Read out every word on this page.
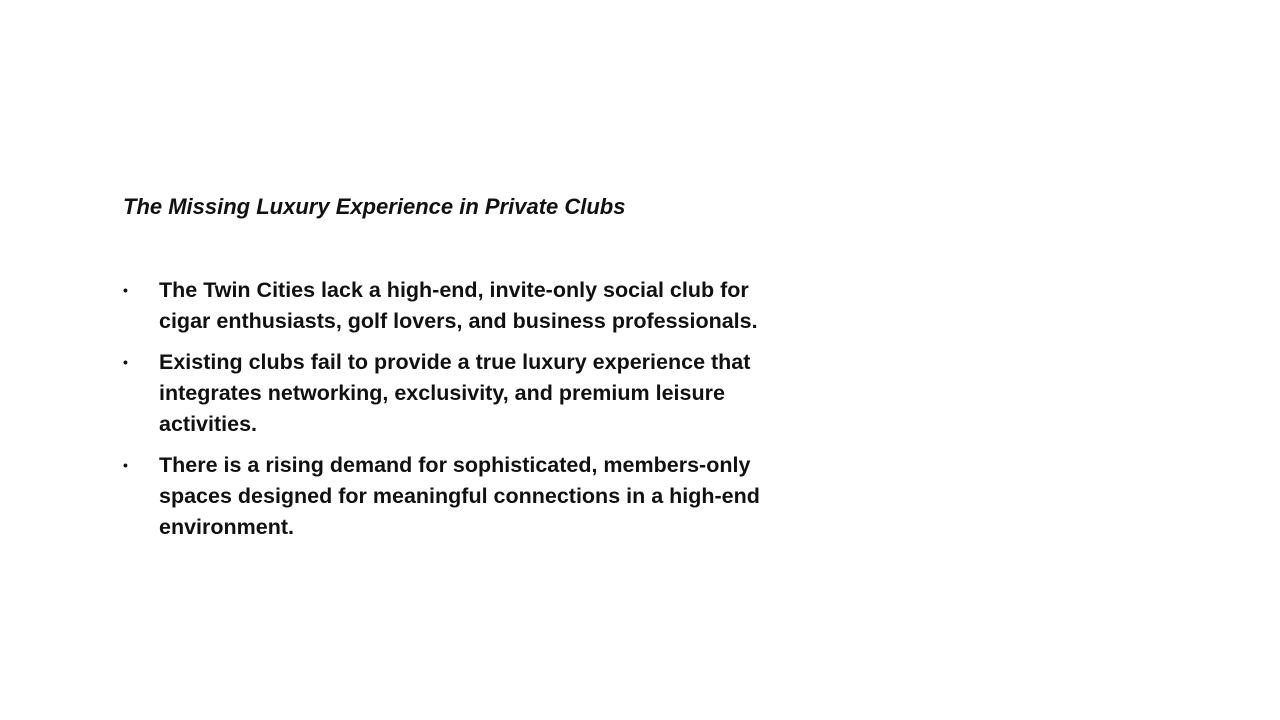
The Missing Luxury Experience in Private Clubs
• The Twin Cities lack a high-end, invite-only social club for cigar enthusiasts, golf lovers, and business professionals.
• Existing clubs fail to provide a true luxury experience that integrates networking, exclusivity, and premium leisure activities.
• There is a rising demand for sophisticated, members-only spaces designed for meaningful connections in a high-end environment.
